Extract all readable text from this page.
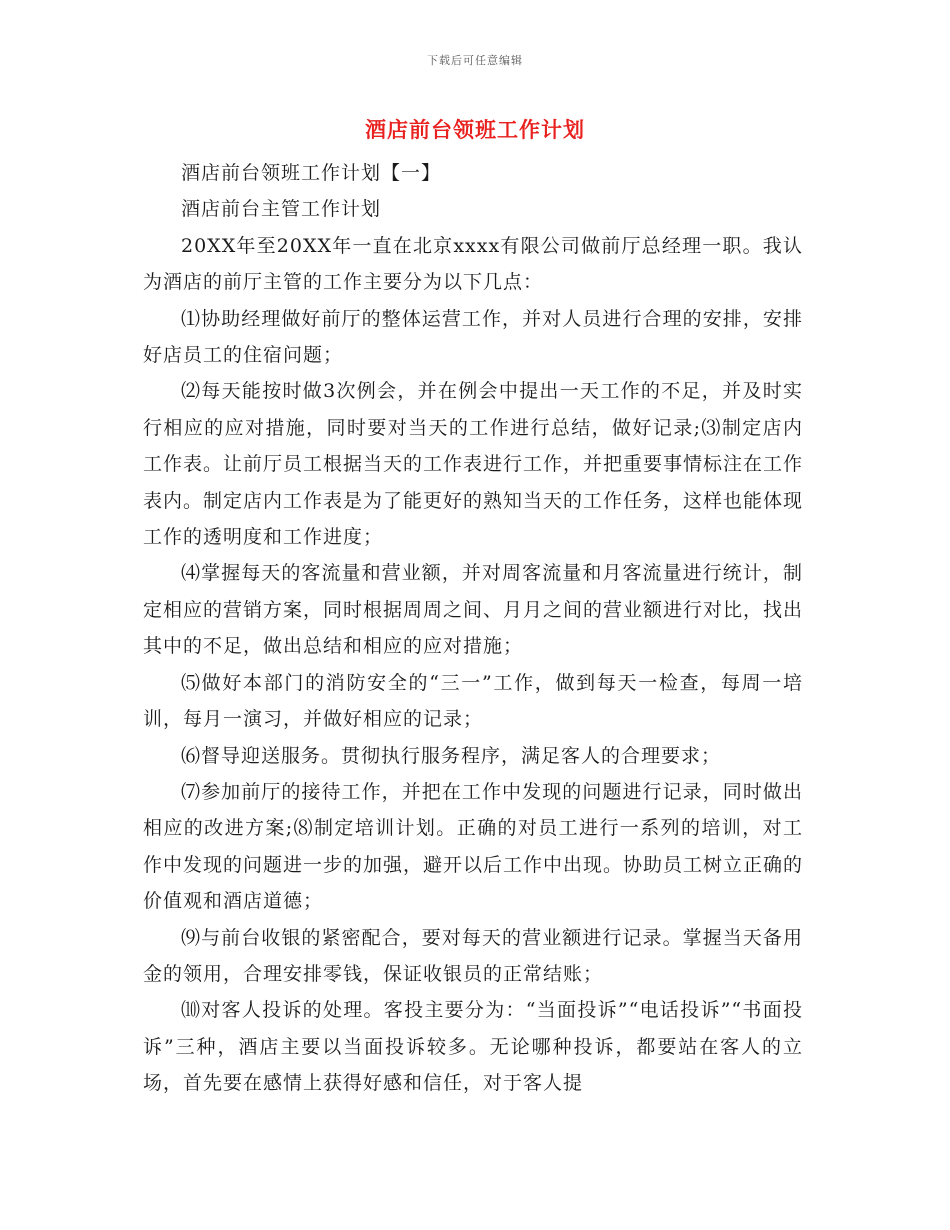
下载后可任意编辑
酒店前台领班工作计划

酒店前台领班工作计划【一】

酒店前台主管工作计划

20XX年至20XX年一直在北京xxxx有限公司做前厅总经理一职。我认为酒店的前厅主管的工作主要分为以下几点：

⑴协助经理做好前厅的整体运营工作，并对人员进行合理的安排，安排好店员工的住宿问题；

⑵每天能按时做3次例会，并在例会中提出一天工作的不足，并及时实行相应的应对措施，同时要对当天的工作进行总结，做好记录;⑶制定店内工作表。让前厅员工根据当天的工作表进行工作，并把重要事情标注在工作表内。制定店内工作表是为了能更好的熟知当天的工作任务，这样也能体现工作的透明度和工作进度；

⑷掌握每天的客流量和营业额，并对周客流量和月客流量进行统计，制定相应的营销方案，同时根据周周之间、月月之间的营业额进行对比，找出其中的不足，做出总结和相应的应对措施；

⑸做好本部门的消防安全的“三一”工作，做到每天一检查，每周一培训，每月一演习，并做好相应的记录；

⑹督导迎送服务。贯彻执行服务程序，满足客人的合理要求；

⑺参加前厅的接待工作，并把在工作中发现的问题进行记录，同时做出相应的改进方案;⑻制定培训计划。正确的对员工进行一系列的培训，对工作中发现的问题进一步的加强，避开以后工作中出现。协助员工树立正确的价值观和酒店道德；

⑼与前台收银的紧密配合，要对每天的营业额进行记录。掌握当天备用金的领用，合理安排零钱，保证收银员的正常结账；

⑽对客人投诉的处理。客投主要分为：“当面投诉”“电话投诉”“书面投诉”三种，酒店主要以当面投诉较多。无论哪种投诉，都要站在客人的立场，首先要在感情上获得好感和信任，对于客人提
